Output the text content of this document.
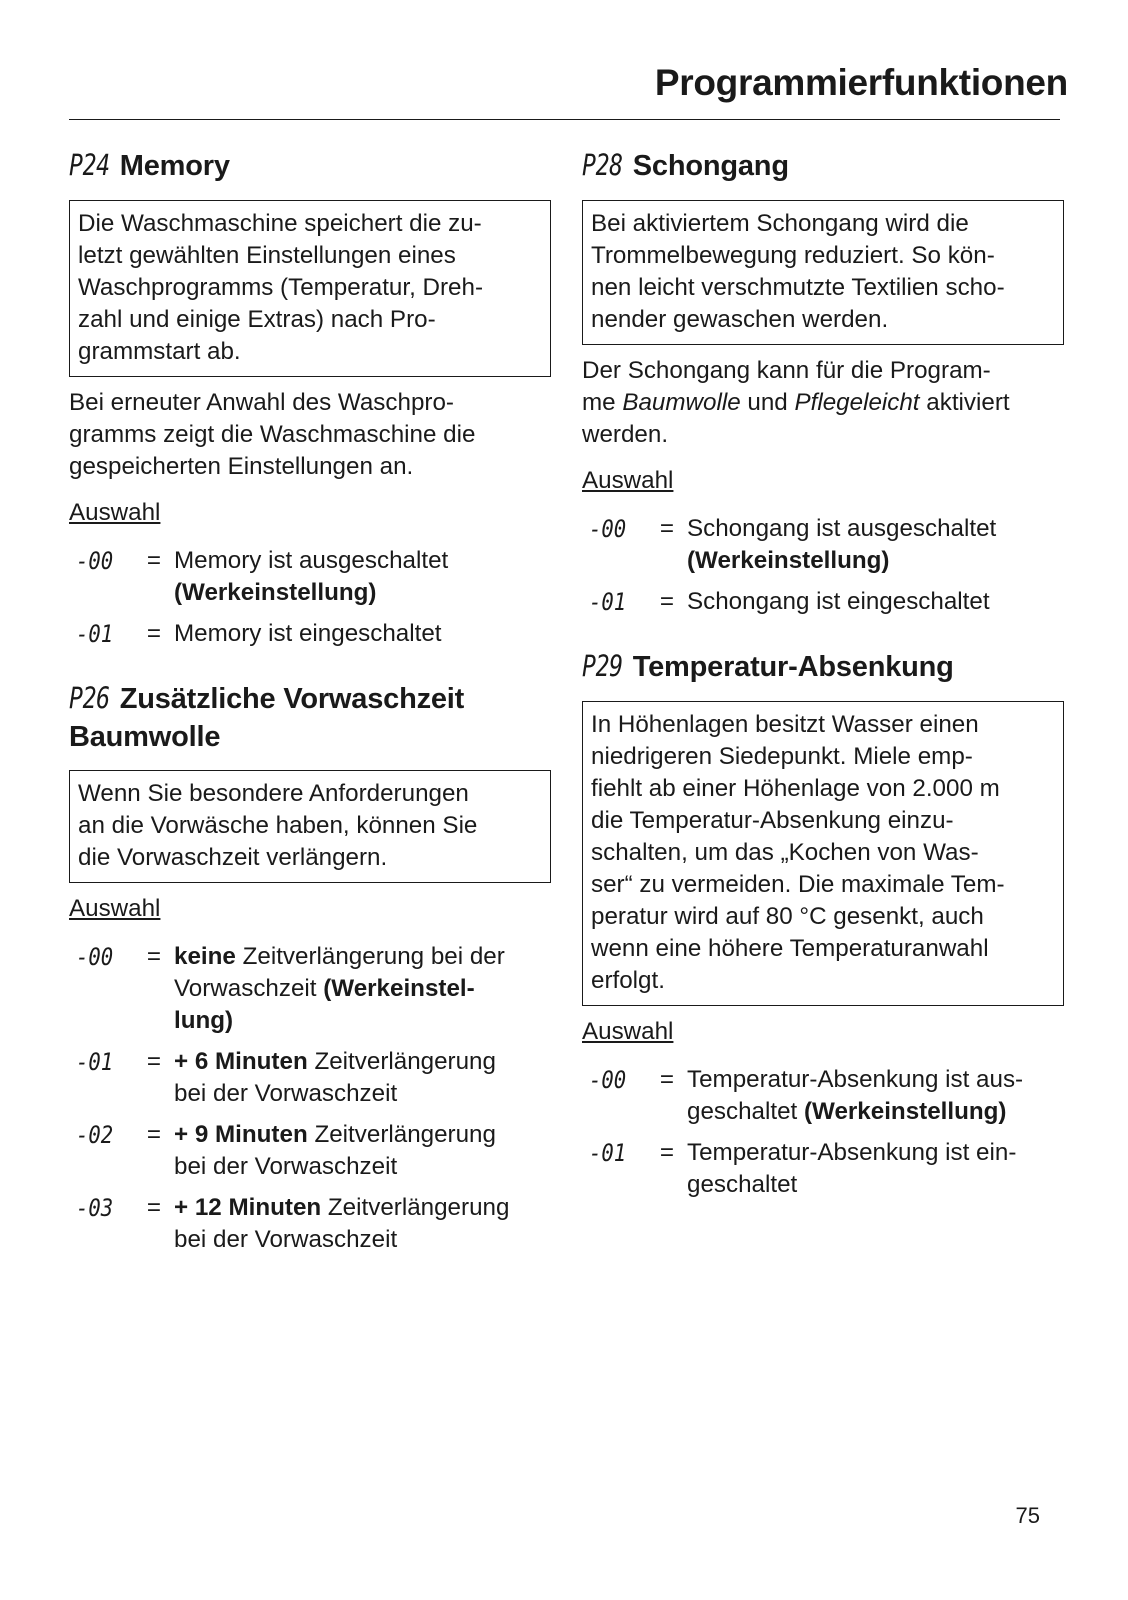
Programmierfunktionen
P24 Memory
Die Waschmaschine speichert die zu-
letzt gewählten Einstellungen eines
Waschprogramms (Temperatur, Dreh-
zahl und einige Extras) nach Pro-
grammstart ab.
Bei erneuter Anwahl des Waschpro-
gramms zeigt die Waschmaschine die
gespeicherten Einstellungen an.
Auswahl
-00	= Memory ist ausgeschaltet
(Werkeinstellung)
-01	= Memory ist eingeschaltet
P26 Zusätzliche Vorwaschzeit
Baumwolle
Wenn Sie besondere Anforderungen
an die Vorwäsche haben, können Sie
die Vorwaschzeit verlängern.
Auswahl
-00	= keine Zeitverlängerung bei der
Vorwaschzeit (Werkeinstel-
lung)
-01	= + 6 Minuten Zeitverlängerung
bei der Vorwaschzeit
-02	= + 9 Minuten Zeitverlängerung
bei der Vorwaschzeit
-03	= + 12 Minuten Zeitverlängerung
bei der Vorwaschzeit
P28 Schongang
Bei aktiviertem Schongang wird die
Trommelbewegung reduziert. So kön-
nen leicht verschmutzte Textilien scho-
nender gewaschen werden.
Der Schongang kann für die Program-
me Baumwolle und Pflegeleicht aktiviert
werden.
Auswahl
-00	= Schongang ist ausgeschaltet
(Werkeinstellung)
-01	= Schongang ist eingeschaltet
P29 Temperatur-Absenkung
In Höhenlagen besitzt Wasser einen
niedrigeren Siedepunkt. Miele emp-
fiehlt ab einer Höhenlage von 2.000 m
die Temperatur-Absenkung einzu-
schalten, um das „Kochen von Was-
ser“ zu vermeiden. Die maximale Tem-
peratur wird auf 80 °C gesenkt, auch
wenn eine höhere Temperaturanwahl
erfolgt.
Auswahl
-00	= Temperatur-Absenkung ist aus-
geschaltet (Werkeinstellung)
-01	= Temperatur-Absenkung ist ein-
geschaltet
75
